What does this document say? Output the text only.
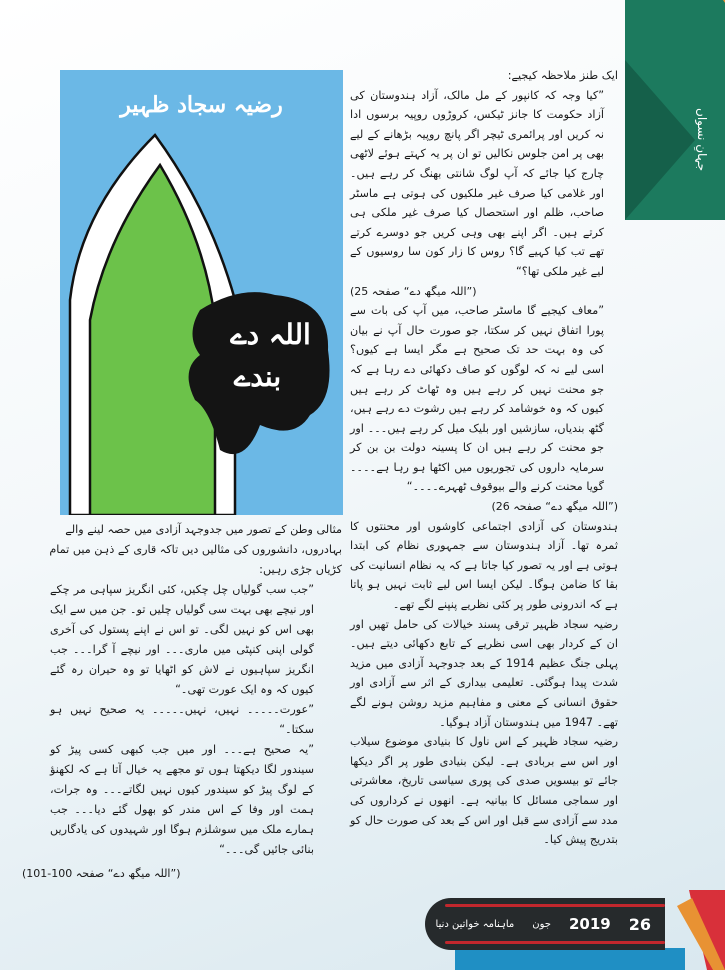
جہانِ نسواں
رضیہ سجاد ظہیر
اللہ دے
بندے

ایک طنز ملاحظہ کیجیے:

”کیا وجہ کہ کانپور کے مل مالک، آزاد ہندوستان کی آزاد حکومت کا جانز ٹیکس، کروڑوں روپیہ برسوں ادا نہ کریں اور پرائمری ٹیچر اگر پانچ روپیہ بڑھانے کے لیے بھی پر امن جلوس نکالیں تو ان پر یہ کہتے ہوئے لاٹھی چارج کیا جائے کہ آپ لوگ شانتی بھنگ کر رہے ہیں۔ اور غلامی کیا صرف غیر ملکیوں کی ہوتی ہے ماسٹر صاحب، ظلم اور استحصال کیا صرف غیر ملکی ہی کرتے ہیں۔ اگر اپنے بھی وہی کریں جو دوسرے کرتے تھے تب کیا کہیے گا؟ روس کا زار کون سا روسیوں کے لیے غیر ملکی تھا؟“

(”اللہ میگھ دے“ صفحہ 25)

”معاف کیجیے گا ماسٹر صاحب، میں آپ کی بات سے پورا اتفاق نہیں کر سکتا، جو صورت حال آپ نے بیان کی وہ بہت حد تک صحیح ہے مگر ایسا ہے کیوں؟ اسی لیے نہ کہ لوگوں کو صاف دکھائی دے رہا ہے کہ جو محنت نہیں کر رہے ہیں وہ ٹھاٹ کر رہے ہیں کیوں کہ وہ خوشامد کر رہے ہیں رشوت دے رہے ہیں، گٹھ بندیاں، سازشیں اور بلیک میل کر رہے ہیں۔۔۔ اور جو محنت کر رہے ہیں ان کا پسینہ دولت بن بن کر سرمایہ داروں کی تجوریوں میں اکٹھا ہو رہا ہے۔۔۔۔ گویا محنت کرنے والے بیوقوف ٹھہرے۔۔۔۔“

(”اللہ میگھ دے“ صفحہ 26)

ہندوستان کی آزادی اجتماعی کاوشوں اور محنتوں کا ثمرہ تھا۔ آزاد ہندوستان سے جمہوری نظام کی ابتدا ہوتی ہے اور یہ تصور کیا جاتا ہے کہ یہ نظام انسانیت کی بقا کا ضامن ہوگا۔ لیکن ایسا اس لیے ثابت نہیں ہو پاتا ہے کہ اندرونی طور پر کئی نظریے پنپنے لگے تھے۔

رضیہ سجاد ظہیر ترقی پسند خیالات کی حامل تھیں اور ان کے کردار بھی اسی نظریے کے تابع دکھائی دیتے ہیں۔ پہلی جنگ عظیم 1914 کے بعد جدوجہد آزادی میں مزید شدت پیدا ہوگئی۔ تعلیمی بیداری کے اثر سے آزادی اور حقوق انسانی کے معنی و مفاہیم مزید روشن ہونے لگے تھے۔ 1947 میں ہندوستان آزاد ہوگیا۔

رضیہ سجاد ظہیر کے اس ناول کا بنیادی موضوع سیلاب اور اس سے بربادی ہے۔ لیکن بنیادی طور پر اگر دیکھا جائے تو بیسویں صدی کی پوری سیاسی تاریخ، معاشرتی اور سماجی مسائل کا بیانیہ ہے۔ انھوں نے کرداروں کی مدد سے آزادی سے قبل اور اس کے بعد کی صورت حال کو بتدریج پیش کیا۔

مثالی وطن کے تصور میں جدوجہد آزادی میں حصہ لینے والے بہادروں، دانشوروں کی مثالیں دیں تاکہ قاری کے ذہن میں تمام کڑیاں جڑی رہیں:

”جب سب گولیاں چل چکیں، کئی انگریز سپاہی مر چکے اور نیچے بھی بہت سی گولیاں چلیں تو۔ جن میں سے ایک بھی اس کو نہیں لگی۔ تو اس نے اپنے پستول کی آخری گولی اپنی کنپٹی میں ماری۔۔۔ اور نیچے آ گرا۔۔۔ جب انگریز سپاہیوں نے لاش کو اٹھایا تو وہ حیران رہ گئے کیوں کہ وہ ایک عورت تھی۔“

”عورت۔۔۔۔۔ نہیں، نہیں۔۔۔۔۔ یہ صحیح نہیں ہو سکتا۔“

”یہ صحیح ہے۔۔۔ اور میں جب کبھی کسی پیڑ کو سیندور لگا دیکھتا ہوں تو مجھے یہ خیال آتا ہے کہ لکھنؤ کے لوگ پیڑ کو سیندور کیوں نہیں لگاتے۔۔۔ وہ جرات، ہمت اور وفا کے اس مندر کو بھول گئے دیا۔۔۔ جب ہمارے ملک میں سوشلزم ہوگا اور شہیدوں کی یادگاریں بنائی جائیں گی۔۔۔“

(”اللہ میگھ دے“ صفحہ 100-101)

ماہنامہ خواتین دنیا جون 2019 26
